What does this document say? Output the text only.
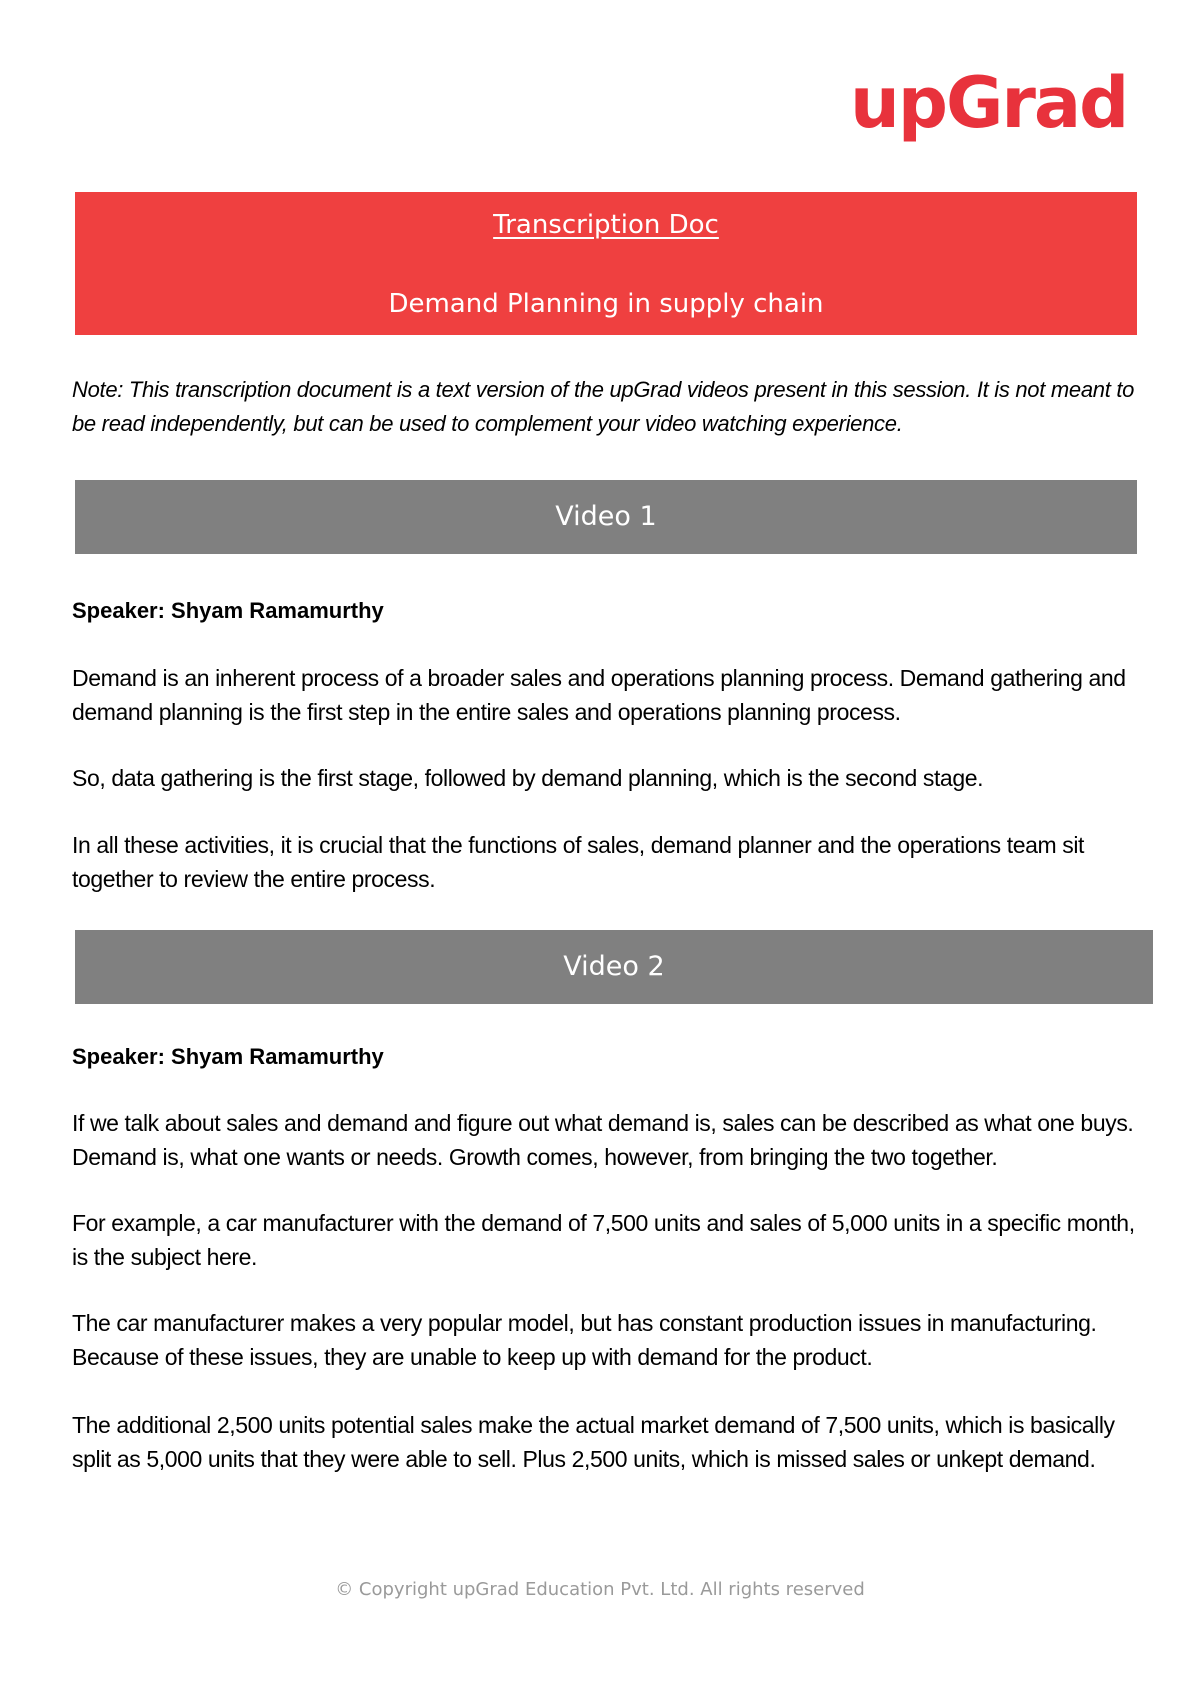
upGrad
Transcription Doc
Demand Planning in supply chain

Note: This transcription document is a text version of the upGrad videos present in this session. It is not meant to be read independently, but can be used to complement your video watching experience.

Video 1

Speaker: Shyam Ramamurthy

Demand is an inherent process of a broader sales and operations planning process. Demand gathering and demand planning is the first step in the entire sales and operations planning process.

So, data gathering is the first stage, followed by demand planning, which is the second stage.

In all these activities, it is crucial that the functions of sales, demand planner and the operations team sit together to review the entire process.

Video 2

Speaker: Shyam Ramamurthy

If we talk about sales and demand and figure out what demand is, sales can be described as what one buys. Demand is, what one wants or needs. Growth comes, however, from bringing the two together.

For example, a car manufacturer with the demand of 7,500 units and sales of 5,000 units in a specific month, is the subject here.

The car manufacturer makes a very popular model, but has constant production issues in manufacturing. Because of these issues, they are unable to keep up with demand for the product.

The additional 2,500 units potential sales make the actual market demand of 7,500 units, which is basically split as 5,000 units that they were able to sell. Plus 2,500 units, which is missed sales or unkept demand.

© Copyright upGrad Education Pvt. Ltd. All rights reserved
